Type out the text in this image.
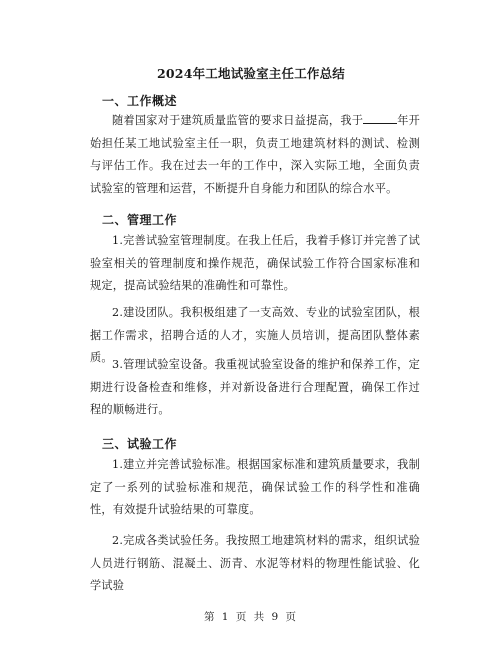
2024年工地试验室主任工作总结
一、工作概述
随着国家对于建筑质量监管的要求日益提高，我于	年开始担任某工地试验室主任一职，负责工地建筑材料的测试、检测与评估工作。我在过去一年的工作中，深入实际工地，全面负责试验室的管理和运营，不断提升自身能力和团队的综合水平。
二、管理工作
1.完善试验室管理制度。在我上任后，我着手修订并完善了试验室相关的管理制度和操作规范，确保试验工作符合国家标准和规定，提高试验结果的准确性和可靠性。
2.建设团队。我积极组建了一支高效、专业的试验室团队，根据工作需求，招聘合适的人才，实施人员培训，提高团队整体素质。
3.管理试验室设备。我重视试验室设备的维护和保养工作，定期进行设备检查和维修，并对新设备进行合理配置，确保工作过程的顺畅进行。
三、试验工作
1.建立并完善试验标准。根据国家标准和建筑质量要求，我制定了一系列的试验标准和规范，确保试验工作的科学性和准确性，有效提升试验结果的可靠度。
2.完成各类试验任务。我按照工地建筑材料的需求，组织试验人员进行钢筋、混凝土、沥青、水泥等材料的物理性能试验、化学试验
第 1 页 共 9 页
